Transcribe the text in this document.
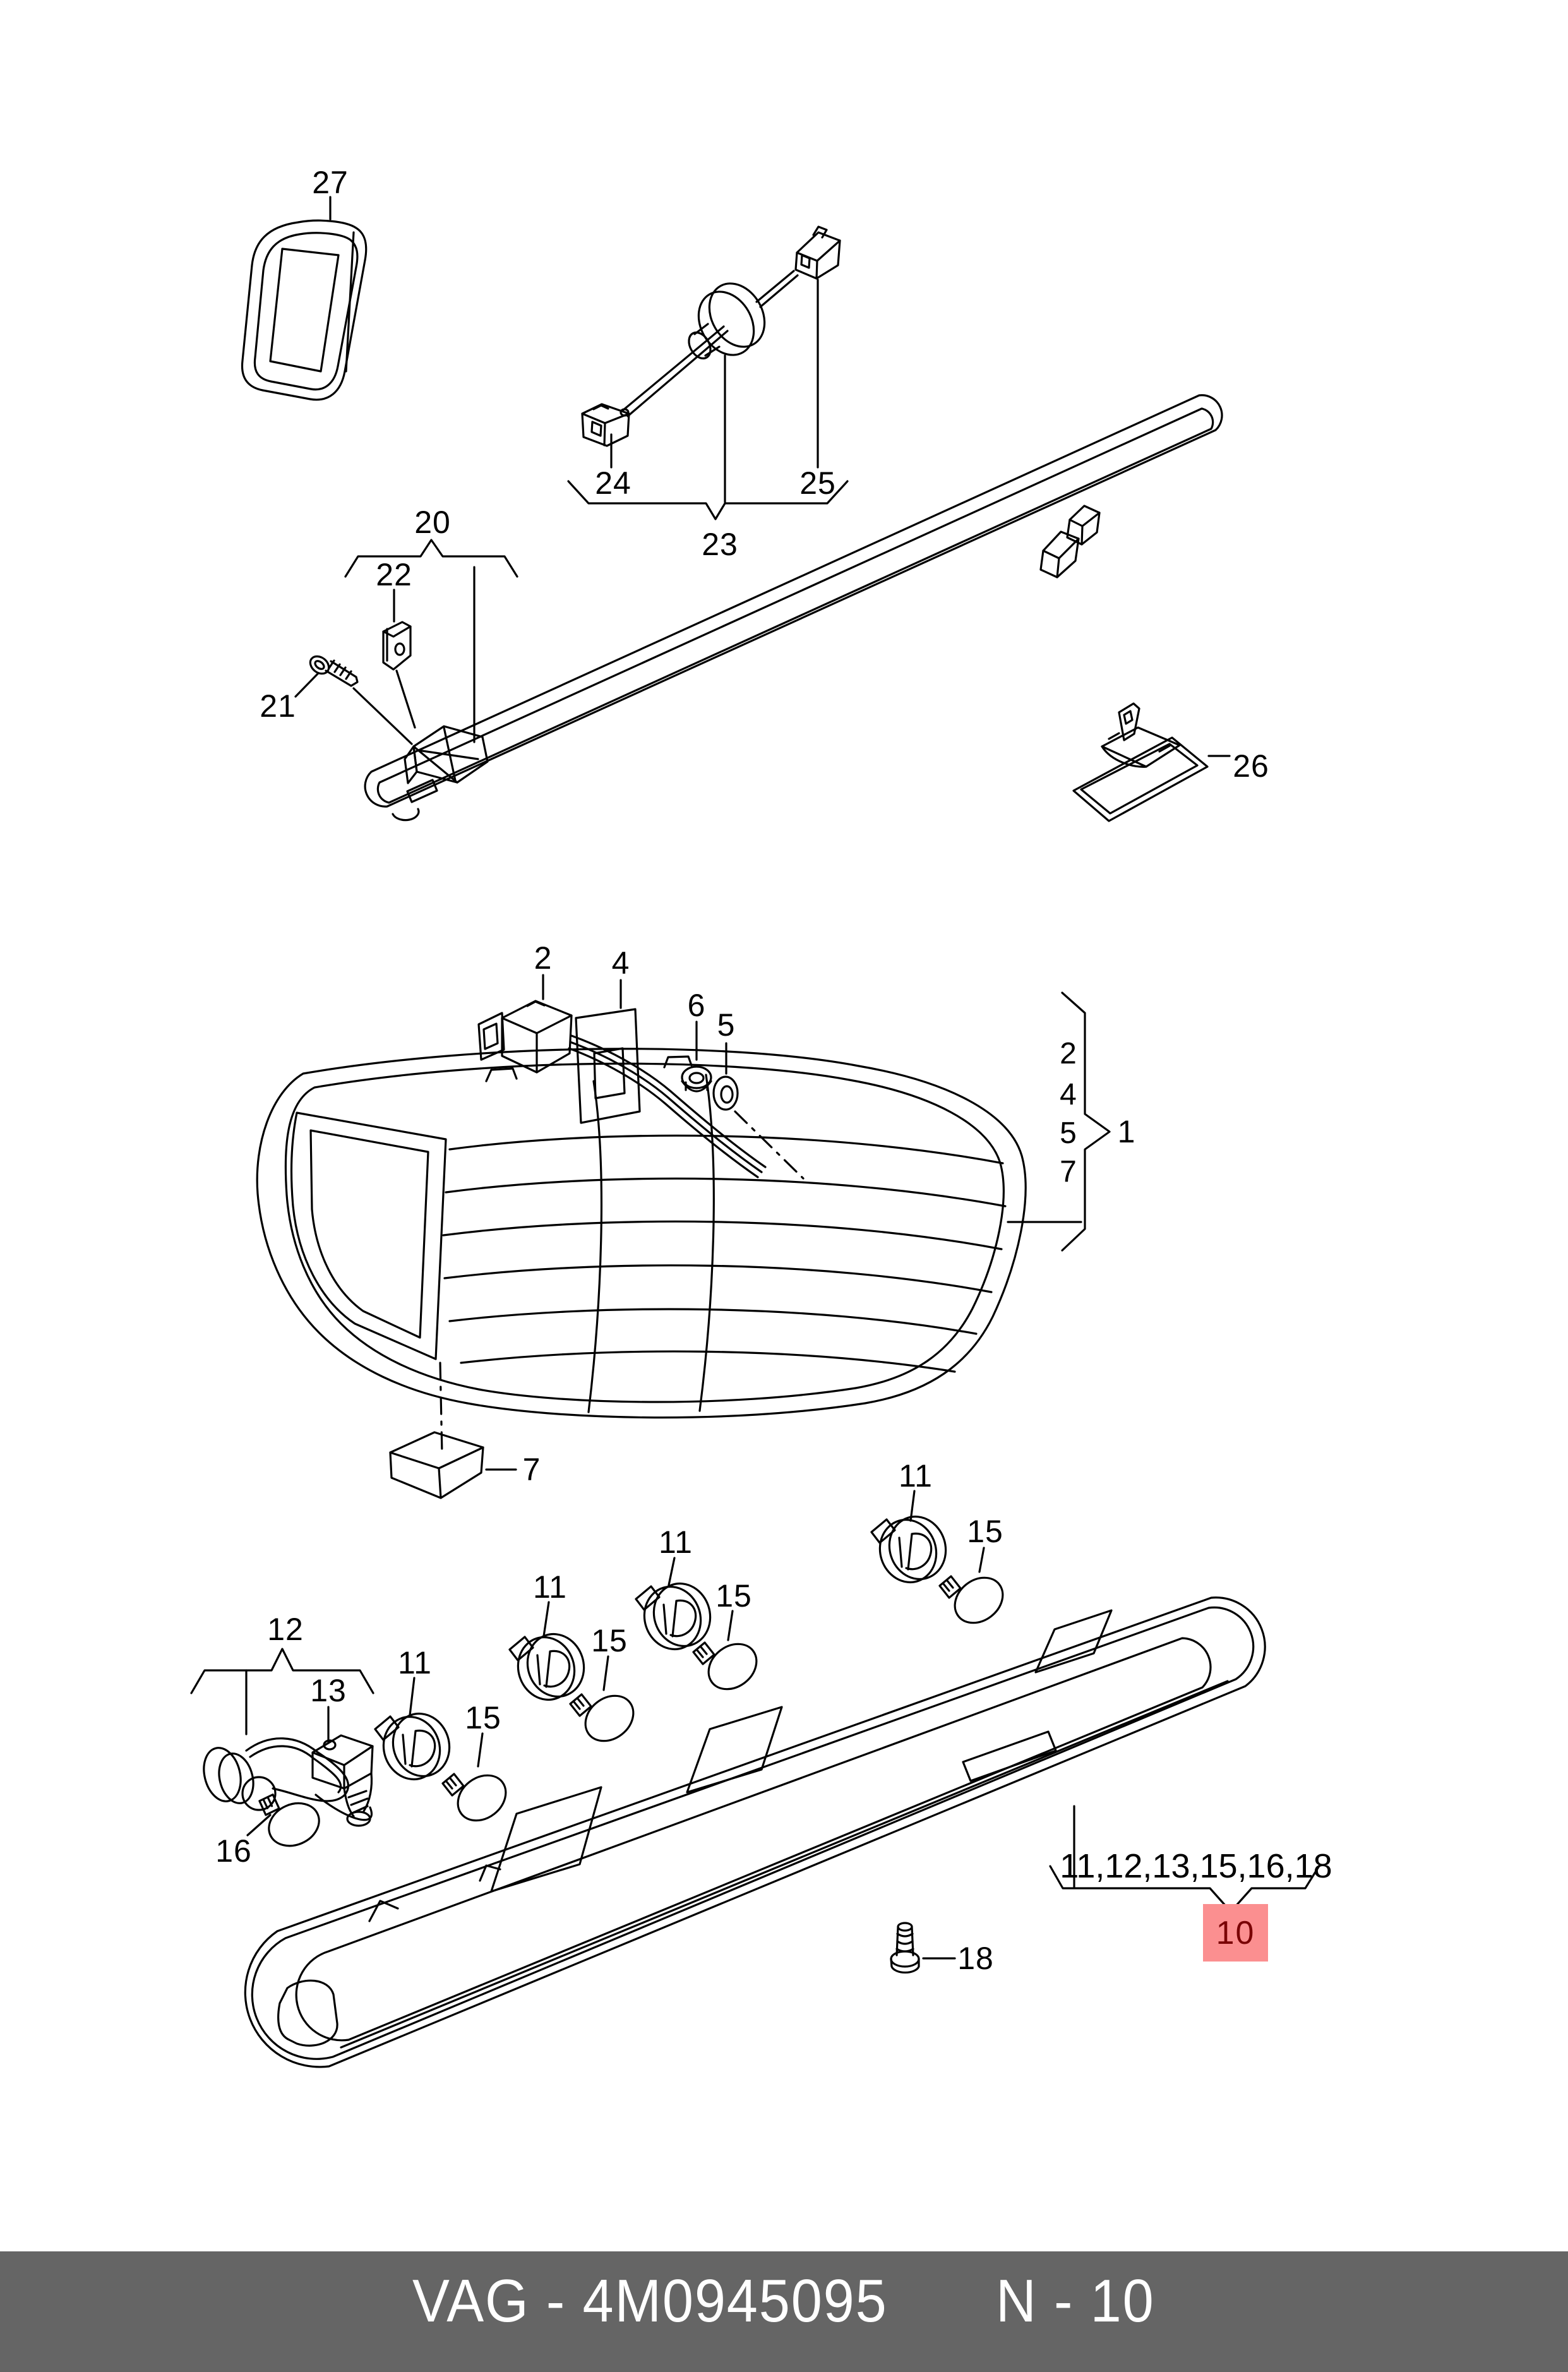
27
24	25
23
20
22
21
26
2 4
6
5
2
4
5
7
1
7
12
13
16
11
15
11
15
11
15
11
15
18
11,12,13,15,16,18
10
VAG - 4M0945095 N - 10
